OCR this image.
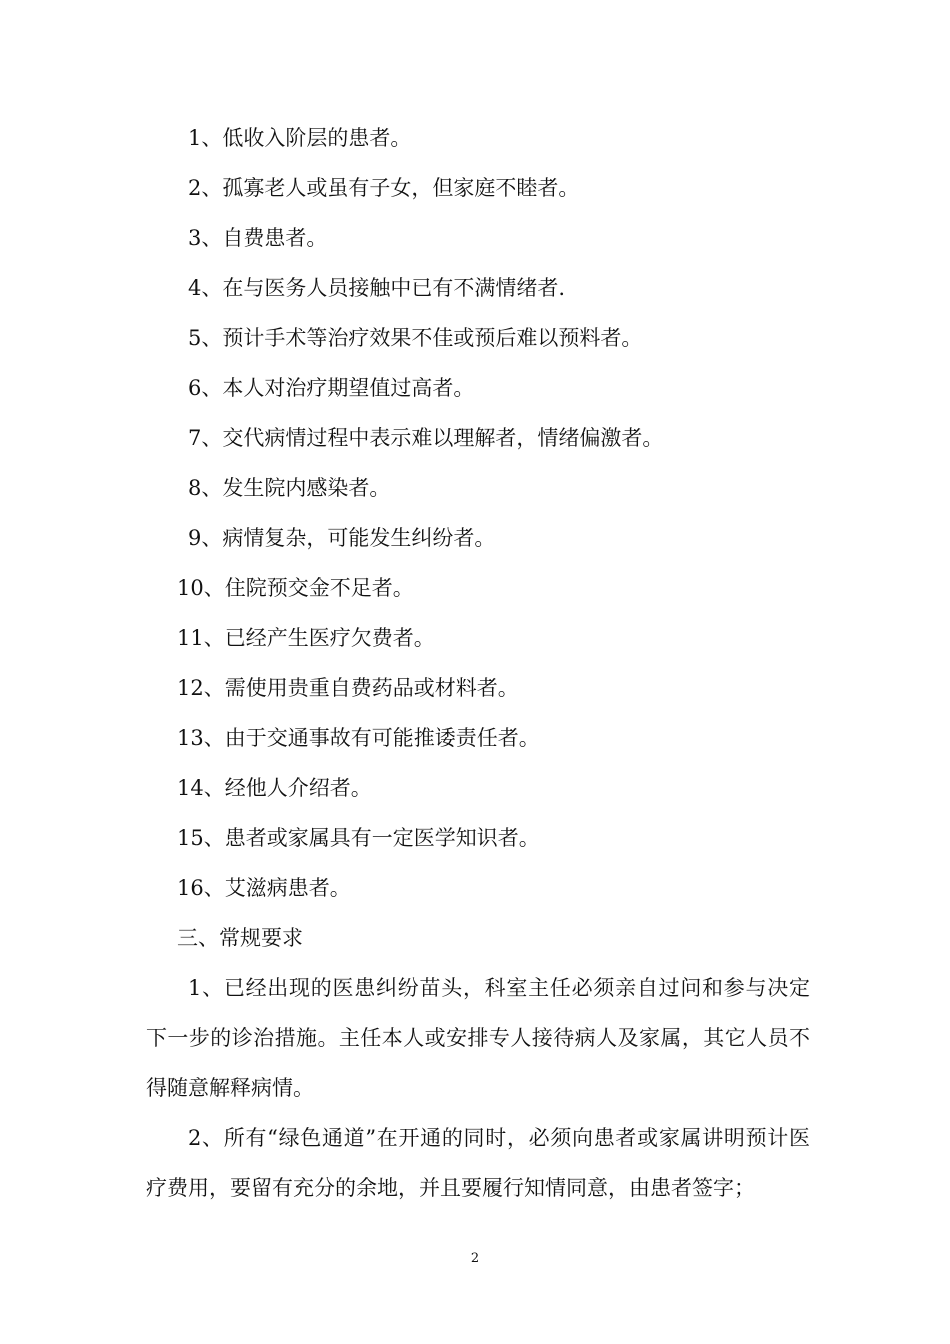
1、低收入阶层的患者。
2、孤寡老人或虽有子女，但家庭不睦者。
3、自费患者。
4、在与医务人员接触中已有不满情绪者.
5、预计手术等治疗效果不佳或预后难以预料者。
6、本人对治疗期望值过高者。
7、交代病情过程中表示难以理解者，情绪偏激者。
8、发生院内感染者。
9、病情复杂，可能发生纠纷者。
10、住院预交金不足者。
11、已经产生医疗欠费者。
12、需使用贵重自费药品或材料者。
13、由于交通事故有可能推诿责任者。
14、经他人介绍者。
15、患者或家属具有一定医学知识者。
16、艾滋病患者。
三、常规要求

1、已经出现的医患纠纷苗头，科室主任必须亲自过问和参与决定下一步的诊治措施。主任本人或安排专人接待病人及家属，其它人员不得随意解释病情。

2、所有“绿色通道”在开通的同时，必须向患者或家属讲明预计医疗费用，要留有充分的余地，并且要履行知情同意，由患者签字；

2
